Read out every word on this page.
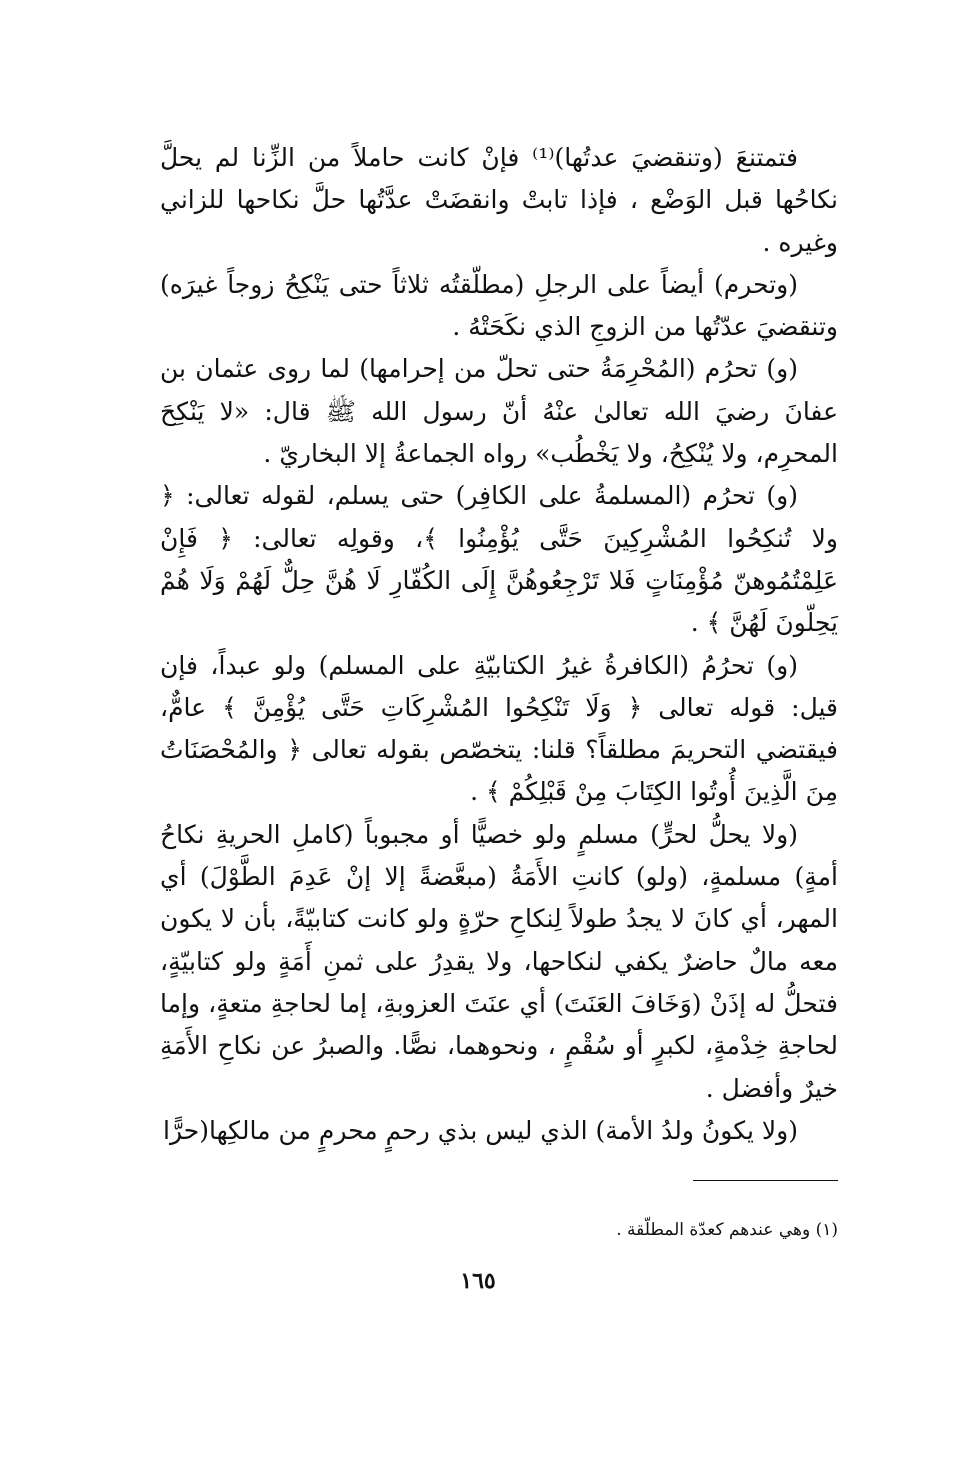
فتمتنعَ (وتنقضيَ عدتُها)⁽¹⁾ فإنْ كانت حاملاً من الزِّنا لم يحلَّ نكاحُها قبل الوَضْع ، فإذا تابتْ وانقضَتْ عدَّتُها حلَّ نكاحها للزاني وغيره .

(وتحرم) أيضاً على الرجلِ (مطلّقتُه ثلاثاً حتى يَنْكِحُ زوجاً غيرَه) وتنقضيَ عدّتُها من الزوجِ الذي نكَحَتْهُ .

(و) تحرُم (المُحْرِمَةُ حتى تحلّ من إحرامها) لما روى عثمان بن عفانَ رضيَ الله تعالىٰ عنْهُ أنّ رسول الله ﷺ قال: «لا يَنْكِحَ المحرِم، ولا يُنْكِحُ، ولا يَخْطُب» رواه الجماعةُ إلا البخاريّ .

(و) تحرُم (المسلمةُ على الكافِر) حتى يسلم، لقوله تعالى: ﴿ ولا تُنكِحُوا المُشْرِكِينَ حَتَّى يُؤْمِنُوا ﴾، وقولِه تعالى: ﴿ فَإِنْ عَلِمْتُمُوهنّ مُؤْمِنَاتٍ فَلا تَرْجِعُوهُنَّ إِلَى الكُفّارِ لَا هُنَّ حِلٌّ لَهُمْ وَلَا هُمْ يَحِلّونَ لَهُنَّ ﴾ .

(و) تحرُمُ (الكافرةُ غيرُ الكتابيّةِ على المسلم) ولو عبداً، فإن قيل: قوله تعالى ﴿ وَلَا تَنْكِحُوا المُشْرِكَاتِ حَتَّى يُؤْمِنَّ ﴾ عامٌّ، فيقتضي التحريمَ مطلقاً؟ قلنا: يتخصّص بقوله تعالى ﴿ والمُحْصَنَاتُ مِنَ الَّذِينَ أُوتُوا الكِتَابَ مِنْ قَبْلِكُمْ ﴾ .

(ولا يحلُّ لحرٍّ) مسلمٍ ولو خصيًّا أو مجبوباً (كاملِ الحريةِ نكاحُ أمةٍ) مسلمةٍ، (ولو) كانتِ الأَمَةُ (مبعَّضةً إلا إنْ عَدِمَ الطَّوْلَ) أي المهر، أي كانَ لا يجدُ طولاً لِنكاحِ حرّةٍ ولو كانت كتابيّةً، بأن لا يكون معه مالٌ حاضرٌ يكفي لنكاحها، ولا يقدِرُ على ثمنِ أَمَةٍ ولو كتابيّةٍ، فتحلُّ له إذَنْ (وَخَافَ العَنَتَ) أي عنَتَ العزوبةِ، إما لحاجةِ متعةٍ، وإما لحاجةِ خِدْمةٍ، لكبرٍ أو سُقْمٍ ، ونحوهما، نصًّا. والصبرُ عن نكاحِ الأَمَةِ خيرٌ وأفضل .

(ولا يكونُ ولدُ الأمة) الذي ليس بذي رحمٍ محرمٍ من مالكِها(حرًّا

(١) وهي عندهم كعدّة المطلّقة .
١٦٥
